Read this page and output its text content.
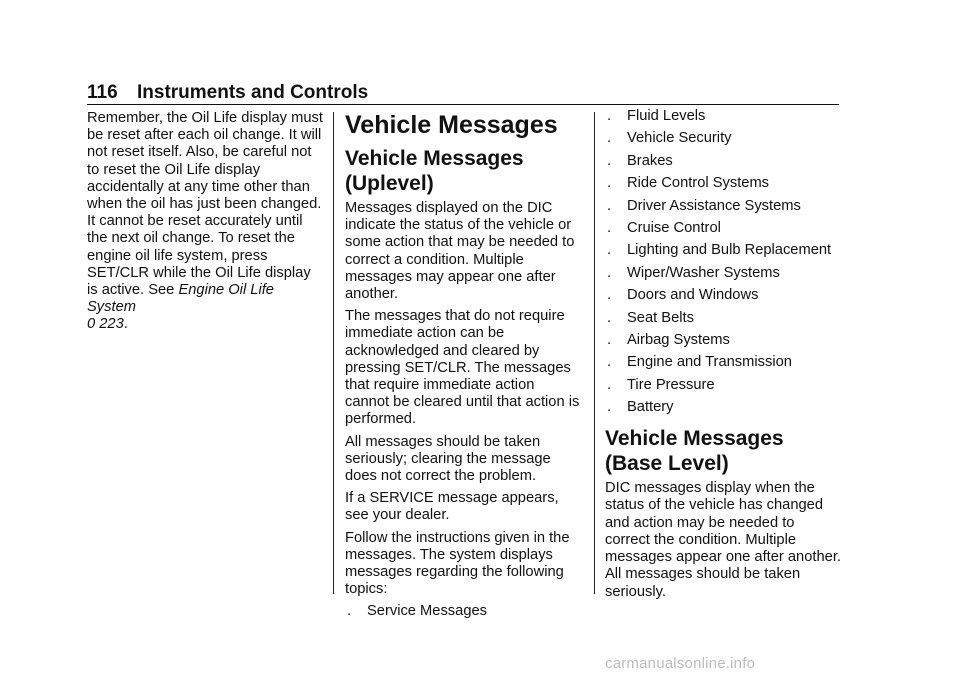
116 Instruments and Controls

Remember, the Oil Life display must be reset after each oil change. It will not reset itself. Also, be careful not to reset the Oil Life display accidentally at any time other than when the oil has just been changed. It cannot be reset accurately until the next oil change. To reset the engine oil life system, press SET/CLR while the Oil Life display is active. See Engine Oil Life System
0 223.

Vehicle Messages
Vehicle Messages (Uplevel)

Messages displayed on the DIC indicate the status of the vehicle or some action that may be needed to correct a condition. Multiple messages may appear one after another.

The messages that do not require immediate action can be acknowledged and cleared by pressing SET/CLR. The messages that require immediate action cannot be cleared until that action is performed.

All messages should be taken seriously; clearing the message does not correct the problem.

If a SERVICE message appears, see your dealer.

Follow the instructions given in the messages. The system displays messages regarding the following topics:

. Service Messages
. Fluid Levels
. Vehicle Security
. Brakes
. Ride Control Systems
. Driver Assistance Systems
. Cruise Control
. Lighting and Bulb Replacement
. Wiper/Washer Systems
. Doors and Windows
. Seat Belts
. Airbag Systems
. Engine and Transmission
. Tire Pressure
. Battery
Vehicle Messages (Base Level)

DIC messages display when the status of the vehicle has changed and action may be needed to correct the condition. Multiple messages appear one after another. All messages should be taken seriously.

carmanualsonline.info
